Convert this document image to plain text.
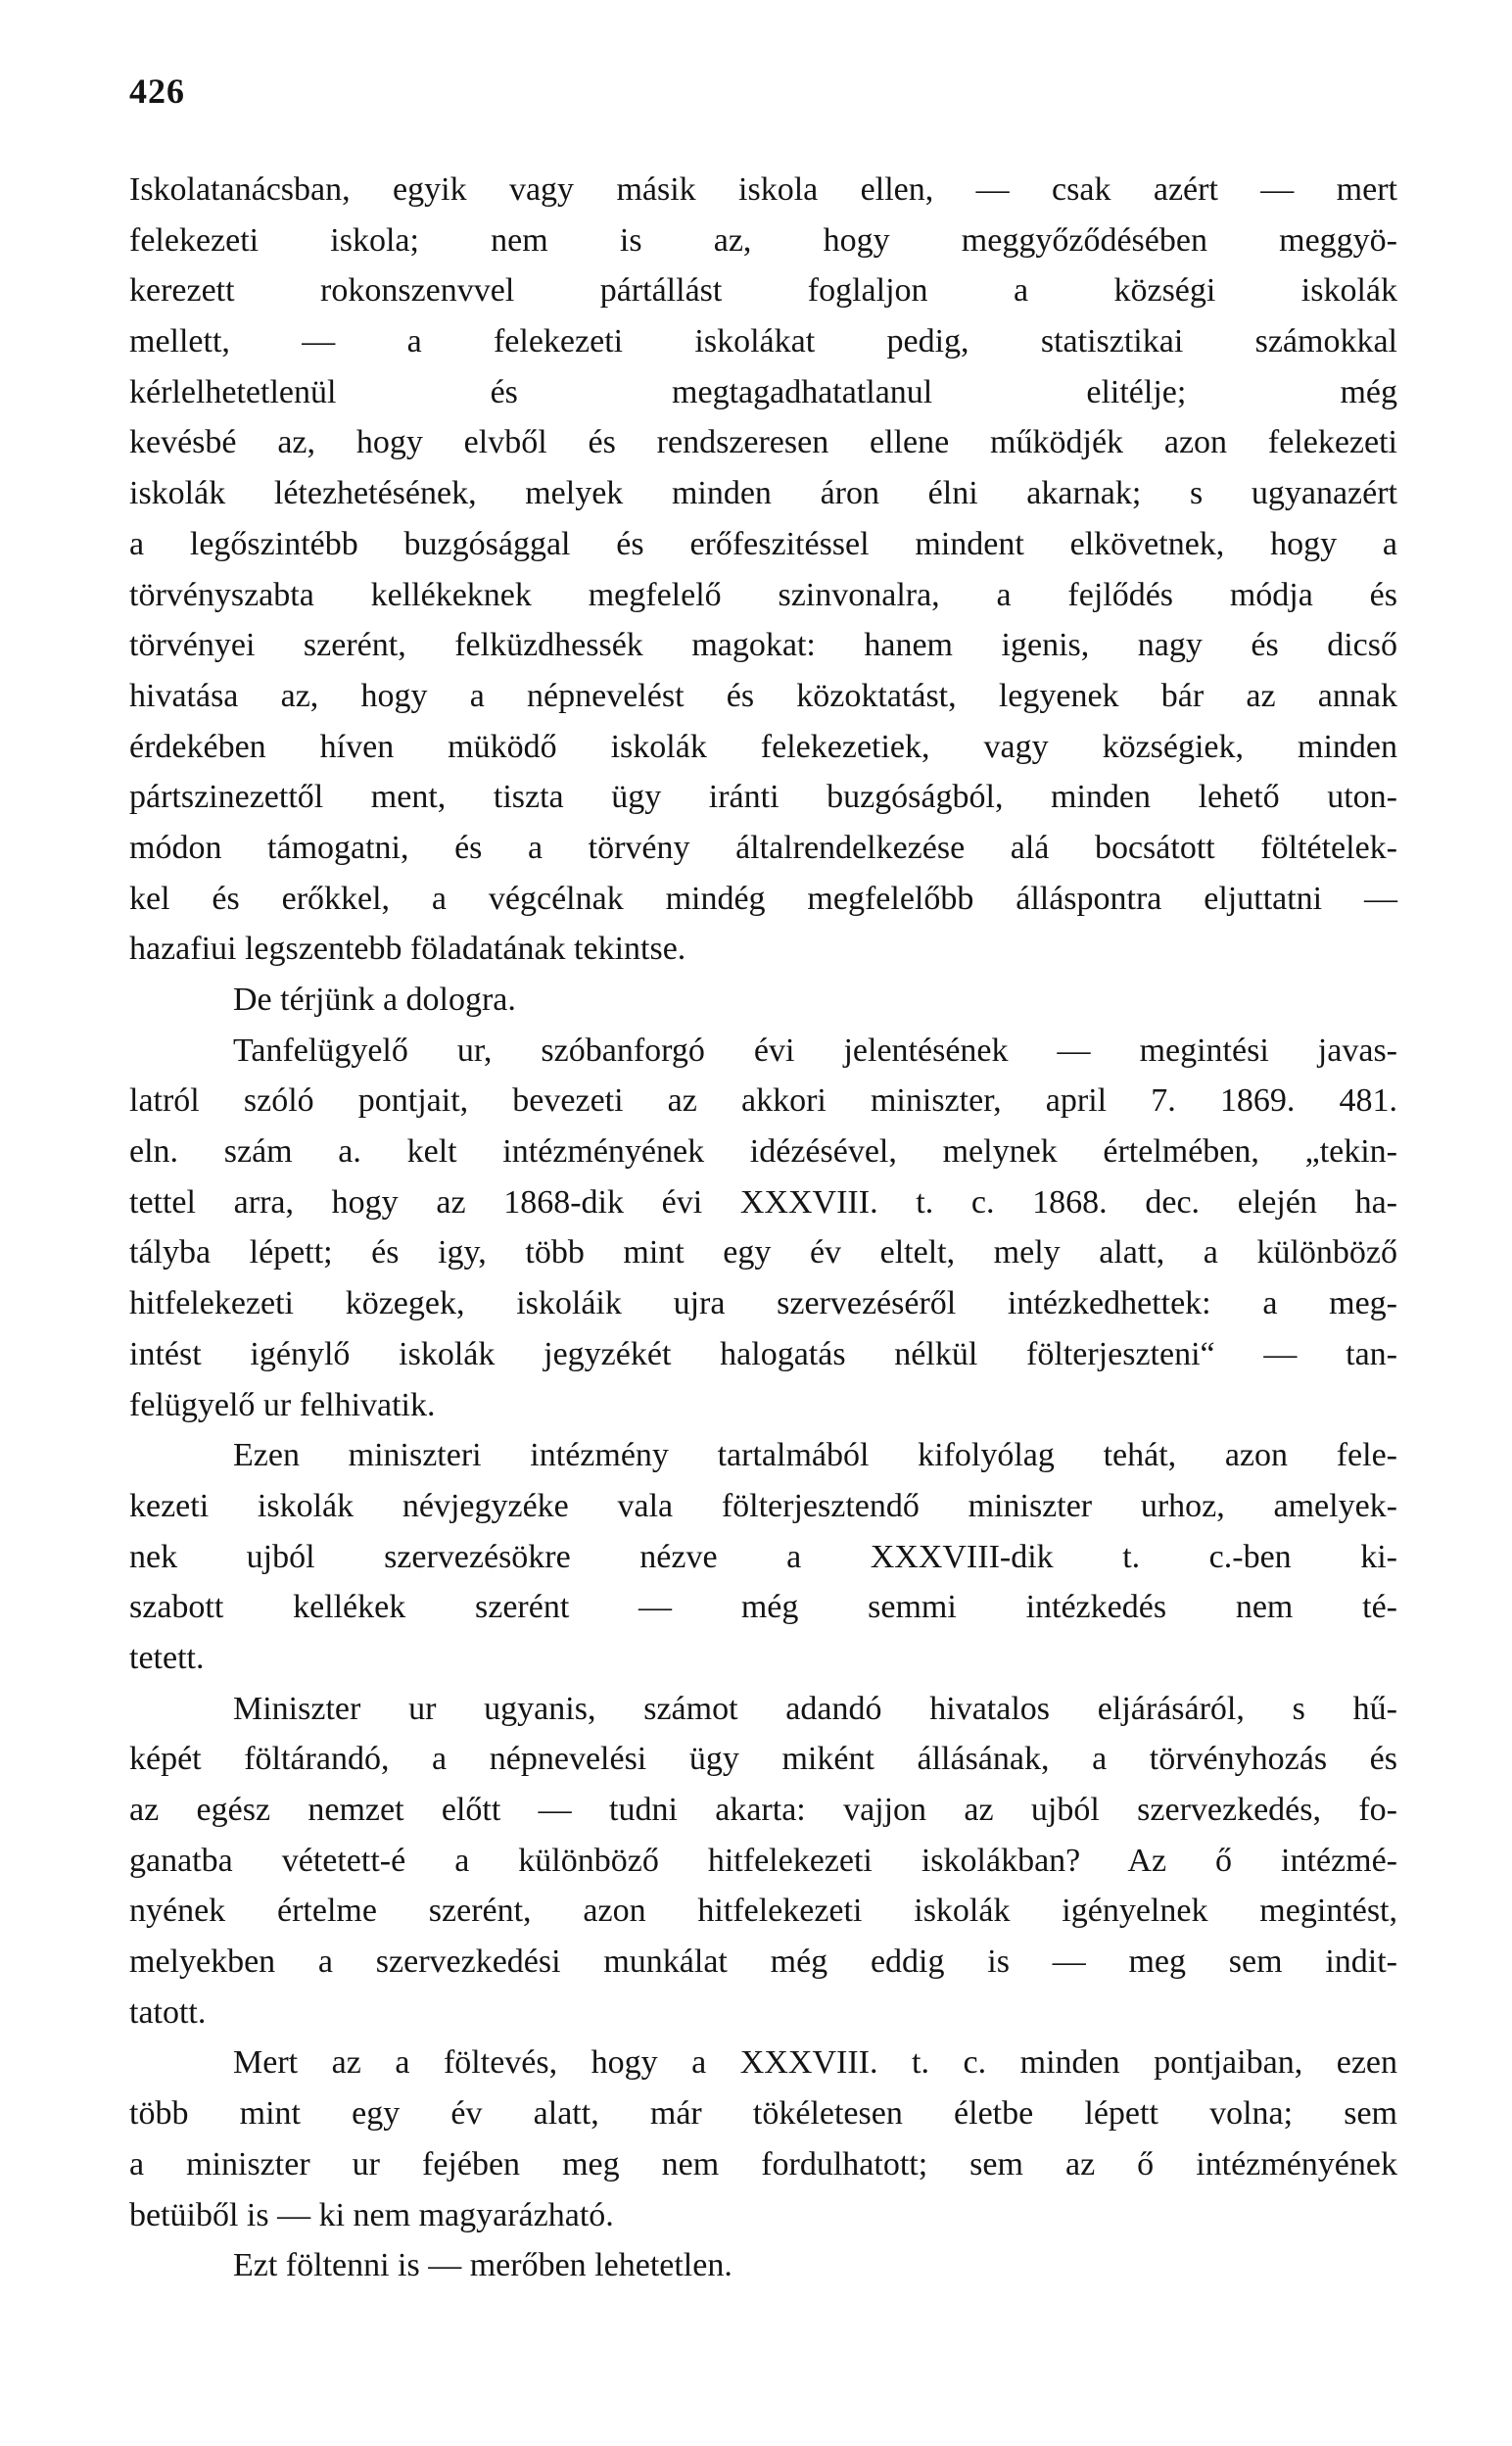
426
Iskolatanácsban, egyik vagy másik iskola ellen, — csak azért — mert
felekezeti iskola; nem is az, hogy meggyőződésében meggyö-
kerezett rokonszenvvel pártállást foglaljon a községi iskolák
mellett, — a felekezeti iskolákat pedig, statisztikai számokkal
kérlelhetetlenül és megtagadhatatlanul elitélje; még
kevésbé az, hogy elvből és rendszeresen ellene működjék azon felekezeti
iskolák létezhetésének, melyek minden áron élni akarnak; s ugyanazért
a legőszintébb buzgósággal és erőfeszitéssel mindent elkövetnek, hogy a
törvényszabta kellékeknek megfelelő szinvonalra, a fejlődés módja és
törvényei szerént, felküzdhessék magokat: hanem igenis, nagy és dicső
hivatása az, hogy a népnevelést és közoktatást, legyenek bár az annak
érdekében híven müködő iskolák felekezetiek, vagy községiek, minden
pártszinezettől ment, tiszta ügy iránti buzgóságból, minden lehető uton-
módon támogatni, és a törvény általrendelkezése alá bocsátott föltételek-
kel és erőkkel, a végcélnak mindég megfelelőbb álláspontra eljuttatni —
hazafiui legszentebb föladatának tekintse.
De térjünk a dologra.
Tanfelügyelő ur, szóbanforgó évi jelentésének — megintési javas-
latról szóló pontjait, bevezeti az akkori miniszter, april 7. 1869. 481.
eln. szám a. kelt intézményének idézésével, melynek értelmében, „tekin-
tettel arra, hogy az 1868-dik évi XXXVIII. t. c. 1868. dec. elején ha-
tályba lépett; és igy, több mint egy év eltelt, mely alatt, a különböző
hitfelekezeti közegek, iskoláik ujra szervezéséről intézkedhettek: a meg-
intést igénylő iskolák jegyzékét halogatás nélkül fölterjeszteni“ — tan-
felügyelő ur felhivatik.
Ezen miniszteri intézmény tartalmából kifolyólag tehát, azon fele-
kezeti iskolák névjegyzéke vala fölterjesztendő miniszter urhoz, amelyek-
nek ujból szervezésökre nézve a XXXVIII-dik t. c.-ben ki-
szabott kellékek szerént — még semmi intézkedés nem té-
tetett.
Miniszter ur ugyanis, számot adandó hivatalos eljárásáról, s hű-
képét föltárandó, a népnevelési ügy miként állásának, a törvényhozás és
az egész nemzet előtt — tudni akarta: vajjon az ujból szervezkedés, fo-
ganatba vétetett-é a különböző hitfelekezeti iskolákban? Az ő intézmé-
nyének értelme szerént, azon hitfelekezeti iskolák igényelnek megintést,
melyekben a szervezkedési munkálat még eddig is — meg sem indit-
tatott.
Mert az a föltevés, hogy a XXXVIII. t. c. minden pontjaiban, ezen
több mint egy év alatt, már tökéletesen életbe lépett volna; sem
a miniszter ur fejében meg nem fordulhatott; sem az ő intézményének
betüiből is — ki nem magyarázható.
Ezt föltenni is — merőben lehetetlen.
